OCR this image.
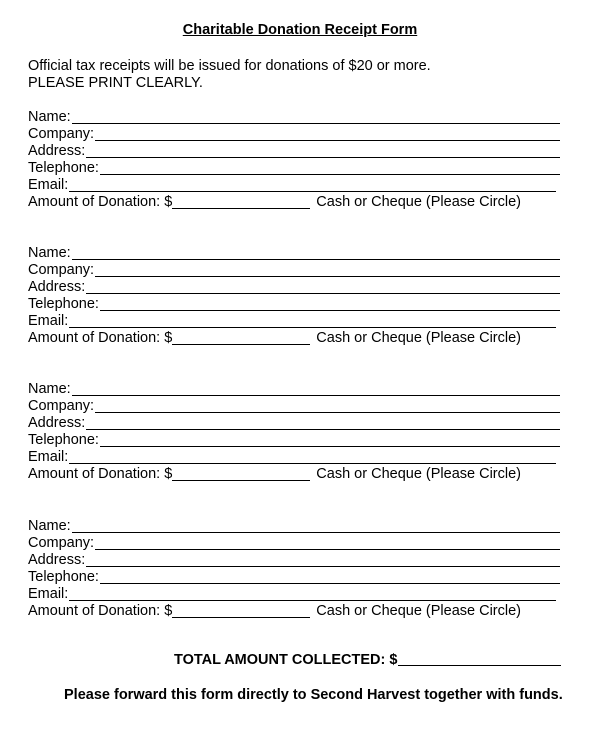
Charitable Donation Receipt Form
Official tax receipts will be issued for donations of $20 or more.
PLEASE PRINT CLEARLY.
Name:
Company:
Address:
Telephone:
Email:
Amount of Donation: $	Cash or Cheque (Please Circle)
Name:
Company:
Address:
Telephone:
Email:
Amount of Donation: $	Cash or Cheque (Please Circle)
Name:
Company:
Address:
Telephone:
Email:
Amount of Donation: $	Cash or Cheque (Please Circle)
Name:
Company:
Address:
Telephone:
Email:
Amount of Donation: $	Cash or Cheque (Please Circle)
TOTAL AMOUNT COLLECTED: $
Please forward this form directly to Second Harvest together with funds.
